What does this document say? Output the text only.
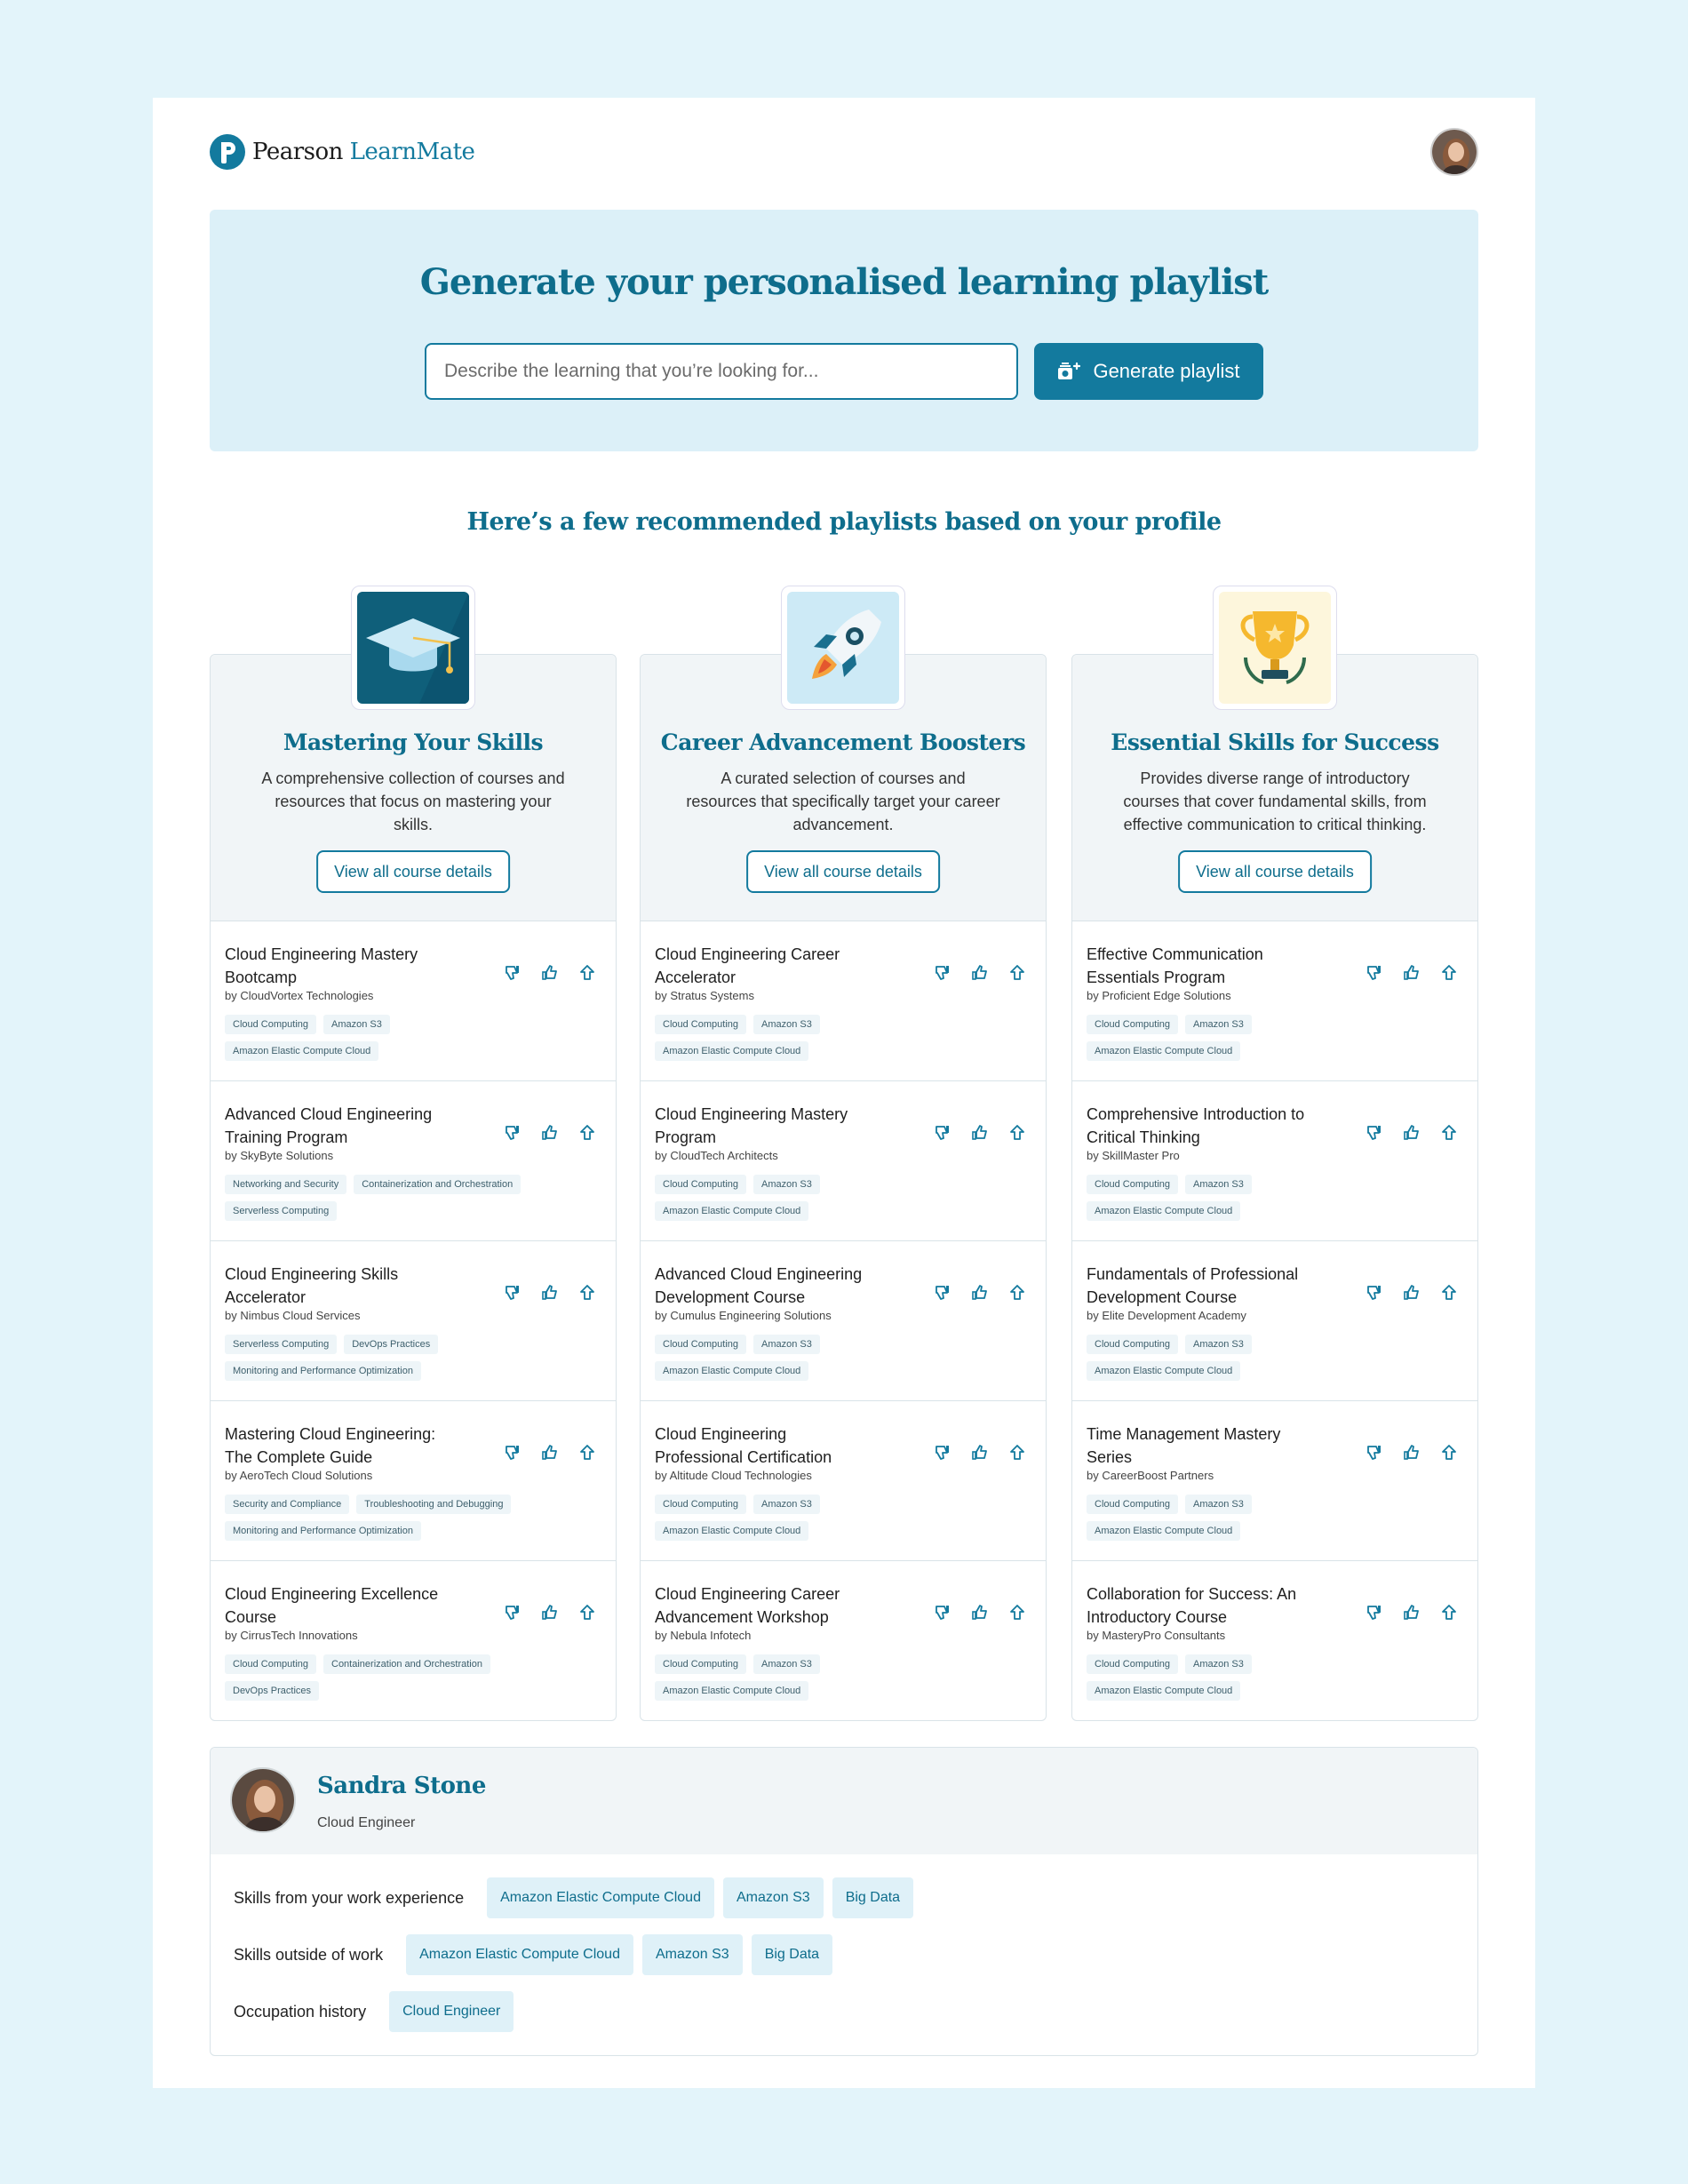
Pearson LearnMate
Generate your personalised learning playlist
Describe the learning that you’re looking for...
Generate playlist
Here’s a few recommended playlists based on your profile
Mastering Your Skills
A comprehensive collection of courses and resources that focus on mastering your skills.
View all course details
Cloud Engineering Mastery Bootcamp
by CloudVortex Technologies
Cloud Computing	Amazon S3
Amazon Elastic Compute Cloud
Advanced Cloud Engineering Training Program
by SkyByte Solutions
Networking and Security	Containerization and Orchestration
Serverless Computing
Cloud Engineering Skills Accelerator
by Nimbus Cloud Services
Serverless Computing	DevOps Practices
Monitoring and Performance Optimization
Mastering Cloud Engineering: The Complete Guide
by AeroTech Cloud Solutions
Security and Compliance	Troubleshooting and Debugging
Monitoring and Performance Optimization
Cloud Engineering Excellence Course
by CirrusTech Innovations
Cloud Computing	Containerization and Orchestration
DevOps Practices
Career Advancement Boosters
A curated selection of courses and resources that specifically target your career advancement.
View all course details
Cloud Engineering Career Accelerator
by Stratus Systems
Cloud Computing	Amazon S3
Amazon Elastic Compute Cloud
Cloud Engineering Mastery Program
by CloudTech Architects
Cloud Computing	Amazon S3
Amazon Elastic Compute Cloud
Advanced Cloud Engineering Development Course
by Cumulus Engineering Solutions
Cloud Computing	Amazon S3
Amazon Elastic Compute Cloud
Cloud Engineering Professional Certification
by Altitude Cloud Technologies
Cloud Computing	Amazon S3
Amazon Elastic Compute Cloud
Cloud Engineering Career Advancement Workshop
by Nebula Infotech
Cloud Computing	Amazon S3
Amazon Elastic Compute Cloud
Essential Skills for Success
Provides diverse range of introductory courses that cover fundamental skills, from effective communication to critical thinking.
View all course details
Effective Communication Essentials Program
by Proficient Edge Solutions
Cloud Computing	Amazon S3
Amazon Elastic Compute Cloud
Comprehensive Introduction to Critical Thinking
by SkillMaster Pro
Cloud Computing	Amazon S3
Amazon Elastic Compute Cloud
Fundamentals of Professional Development Course
by Elite Development Academy
Cloud Computing	Amazon S3
Amazon Elastic Compute Cloud
Time Management Mastery Series
by CareerBoost Partners
Cloud Computing	Amazon S3
Amazon Elastic Compute Cloud
Collaboration for Success: An Introductory Course
by MasteryPro Consultants
Cloud Computing	Amazon S3
Amazon Elastic Compute Cloud
Sandra Stone
Cloud Engineer
Skills from your work experience	Amazon Elastic Compute Cloud	Amazon S3	Big Data
Skills outside of work	Amazon Elastic Compute Cloud	Amazon S3	Big Data
Occupation history	Cloud Engineer
